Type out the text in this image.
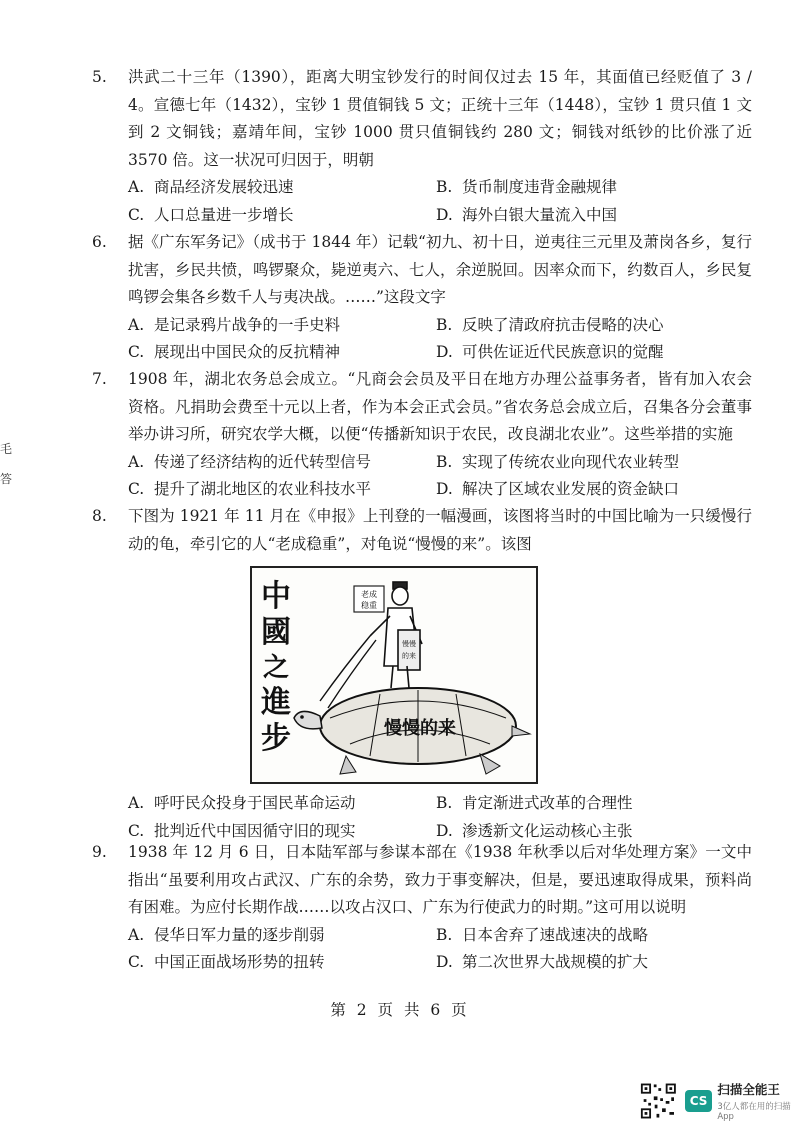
毛
答
5.	洪武二十三年（1390），距离大明宝钞发行的时间仅过去 15 年，其面值已经贬值了 3 / 4。宣德七年（1432），宝钞 1 贯值铜钱 5 文；正统十三年（1448），宝钞 1 贯只值 1 文到 2 文铜钱；嘉靖年间，宝钞 1000 贯只值铜钱约 280 文；铜钱对纸钞的比价涨了近 3570 倍。这一状况可归因于，明朝
A. 商品经济发展较迅速	B. 货币制度违背金融规律
C. 人口总量进一步增长	D. 海外白银大量流入中国
6.	据《广东军务记》（成书于 1844 年）记载“初九、初十日，逆夷往三元里及萧岗各乡，复行扰害，乡民共愤，鸣锣聚众，毙逆夷六、七人，余逆脱回。因率众而下，约数百人，乡民复鸣锣会集各乡数千人与夷决战。……”这段文字
A. 是记录鸦片战争的一手史料	B. 反映了清政府抗击侵略的决心
C. 展现出中国民众的反抗精神	D. 可供佐证近代民族意识的觉醒
7.	1908 年，湖北农务总会成立。“凡商会会员及平日在地方办理公益事务者，皆有加入农会资格。凡捐助会费至十元以上者，作为本会正式会员。”省农务总会成立后，召集各分会董事举办讲习所，研究农学大概，以便“传播新知识于农民，改良湖北农业”。这些举措的实施
A. 传递了经济结构的近代转型信号	B. 实现了传统农业向现代农业转型
C. 提升了湖北地区的农业科技水平	D. 解决了区域农业发展的资金缺口
8.	下图为 1921 年 11 月在《申报》上刊登的一幅漫画，该图将当时的中国比喻为一只缓慢行动的龟，牵引它的人“老成稳重”，对龟说“慢慢的来”。该图
中
國
之
進
步
老成
稳重
慢慢
的来
慢慢的来
A. 呼吁民众投身于国民革命运动	B. 肯定渐进式改革的合理性
C. 批判近代中国因循守旧的现实	D. 渗透新文化运动核心主张
9.	1938 年 12 月 6 日，日本陆军部与参谋本部在《1938 年秋季以后对华处理方案》一文中指出“虽要利用攻占武汉、广东的余势，致力于事变解决，但是，要迅速取得成果，预料尚有困难。为应付长期作战……以攻占汉口、广东为行使武力的时期。”这可用以说明
A. 侵华日军力量的逐步削弱	B. 日本舍弃了速战速决的战略
C. 中国正面战场形势的扭转	D. 第二次世界大战规模的扩大
第 2 页 共 6 页
CS
扫描全能王
3亿人都在用的扫描App
